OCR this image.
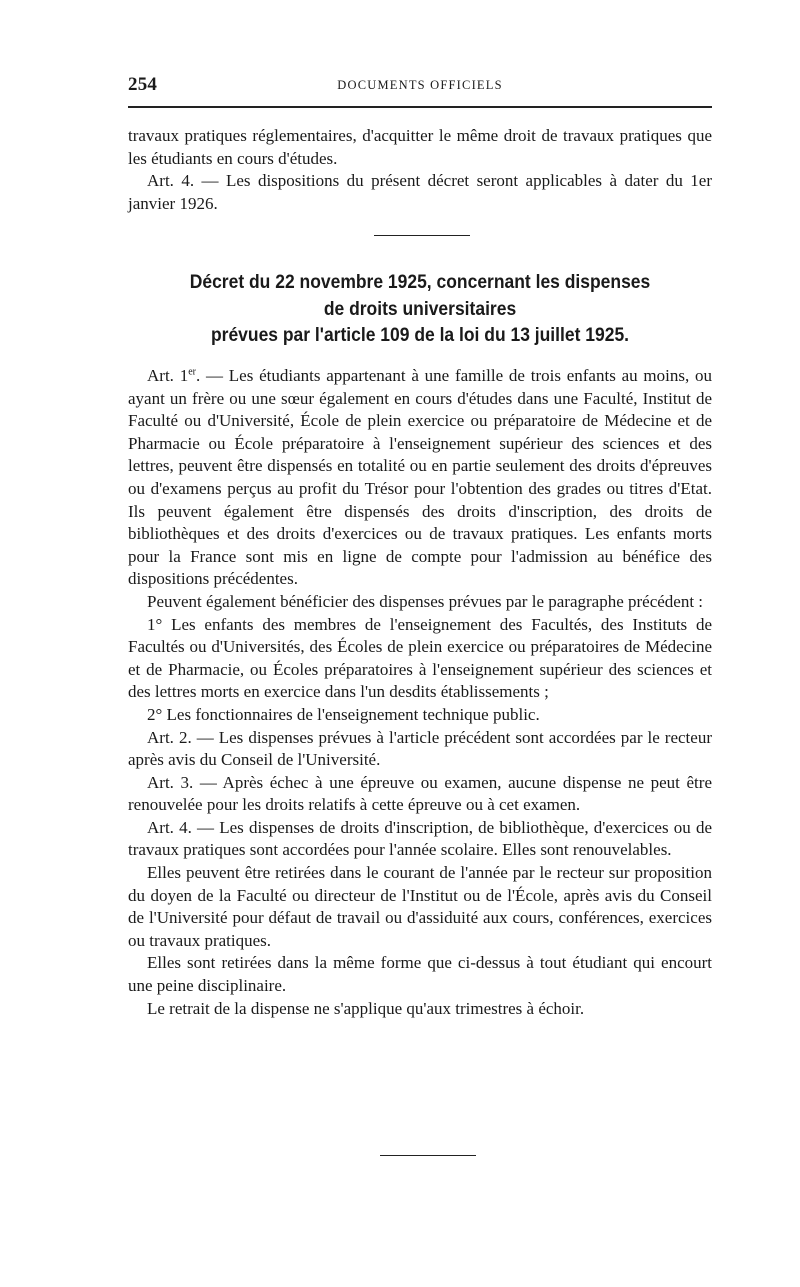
254	DOCUMENTS OFFICIELS

travaux pratiques réglementaires, d'acquitter le même droit de travaux pratiques que les étudiants en cours d'études.

Art. 4. — Les dispositions du présent décret seront applicables à dater du 1er janvier 1926.

Décret du 22 novembre 1925, concernant les dispenses
de droits universitaires
prévues par l'article 109 de la loi du 13 juillet 1925.

Art. 1er. — Les étudiants appartenant à une famille de trois enfants au moins, ou ayant un frère ou une sœur également en cours d'études dans une Faculté, Institut de Faculté ou d'Université, École de plein exercice ou préparatoire de Médecine et de Pharmacie ou École préparatoire à l'enseignement supérieur des sciences et des lettres, peuvent être dispensés en totalité ou en partie seulement des droits d'épreuves ou d'examens perçus au profit du Trésor pour l'obtention des grades ou titres d'Etat. Ils peuvent également être dispensés des droits d'inscription, des droits de bibliothèques et des droits d'exercices ou de travaux pratiques. Les enfants morts pour la France sont mis en ligne de compte pour l'admission au bénéfice des dispositions précédentes.

Peuvent également bénéficier des dispenses prévues par le paragraphe précédent :

1° Les enfants des membres de l'enseignement des Facultés, des Instituts de Facultés ou d'Universités, des Écoles de plein exercice ou préparatoires de Médecine et de Pharmacie, ou Écoles préparatoires à l'enseignement supérieur des sciences et des lettres morts en exercice dans l'un desdits établissements ;

2° Les fonctionnaires de l'enseignement technique public.

Art. 2. — Les dispenses prévues à l'article précédent sont accordées par le recteur après avis du Conseil de l'Université.

Art. 3. — Après échec à une épreuve ou examen, aucune dispense ne peut être renouvelée pour les droits relatifs à cette épreuve ou à cet examen.

Art. 4. — Les dispenses de droits d'inscription, de bibliothèque, d'exercices ou de travaux pratiques sont accordées pour l'année scolaire. Elles sont renouvelables.

Elles peuvent être retirées dans le courant de l'année par le recteur sur proposition du doyen de la Faculté ou directeur de l'Institut ou de l'École, après avis du Conseil de l'Université pour défaut de travail ou d'assiduité aux cours, conférences, exercices ou travaux pratiques.

Elles sont retirées dans la même forme que ci-dessus à tout étudiant qui encourt une peine disciplinaire.

Le retrait de la dispense ne s'applique qu'aux trimestres à échoir.
